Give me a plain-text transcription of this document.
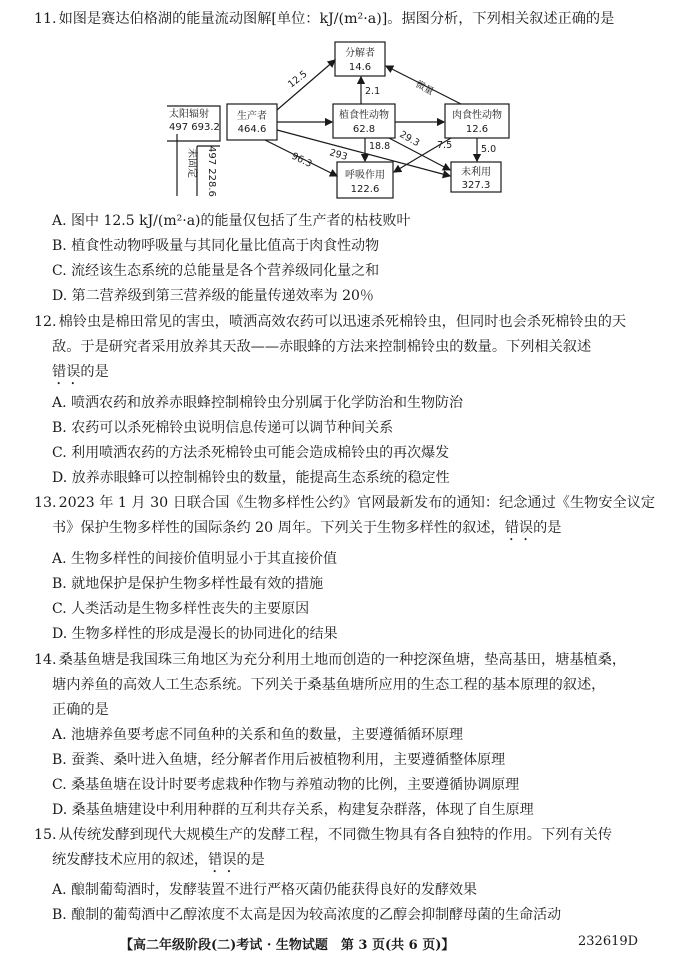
11. 如图是赛达伯格湖的能量流动图解[单位：kJ/(m²·a)]。据图分析，下列相关叙述正确的是
太阳辐射
497 693.2
未固定 497 228.6
生产者
464.6
分解者
14.6
植食性动物
62.8
肉食性动物
12.6
呼吸作用
122.6
未利用
327.3
12.5
2.1	微量
18.8 29.3
293
96.3
7.5	5.0
A. 图中 12.5 kJ/(m²·a)的能量仅包括了生产者的枯枝败叶
B. 植食性动物呼吸量与其同化量比值高于肉食性动物
C. 流经该生态系统的总能量是各个营养级同化量之和
D. 第二营养级到第三营养级的能量传递效率为 20％
12. 棉铃虫是棉田常见的害虫，喷洒高效农药可以迅速杀死棉铃虫，但同时也会杀死棉铃虫的天
敌。于是研究者采用放养其天敌——赤眼蜂的方法来控制棉铃虫的数量。下列相关叙述
错误的是
A. 喷洒农药和放养赤眼蜂控制棉铃虫分别属于化学防治和生物防治
B. 农药可以杀死棉铃虫说明信息传递可以调节种间关系
C. 利用喷洒农药的方法杀死棉铃虫可能会造成棉铃虫的再次爆发
D. 放养赤眼蜂可以控制棉铃虫的数量，能提高生态系统的稳定性
13. 2023 年 1 月 30 日联合国《生物多样性公约》官网最新发布的通知：纪念通过《生物安全议定
书》保护生物多样性的国际条约 20 周年。下列关于生物多样性的叙述，错误的是
A. 生物多样性的间接价值明显小于其直接价值
B. 就地保护是保护生物多样性最有效的措施
C. 人类活动是生物多样性丧失的主要原因
D. 生物多样性的形成是漫长的协同进化的结果
14. 桑基鱼塘是我国珠三角地区为充分利用土地而创造的一种挖深鱼塘，垫高基田，塘基植桑，
塘内养鱼的高效人工生态系统。下列关于桑基鱼塘所应用的生态工程的基本原理的叙述，
正确的是
A. 池塘养鱼要考虑不同鱼种的关系和鱼的数量，主要遵循循环原理
B. 蚕粪、桑叶进入鱼塘，经分解者作用后被植物利用，主要遵循整体原理
C. 桑基鱼塘在设计时要考虑栽种作物与养殖动物的比例，主要遵循协调原理
D. 桑基鱼塘建设中利用种群的互利共存关系，构建复杂群落，体现了自生原理
15. 从传统发酵到现代大规模生产的发酵工程，不同微生物具有各自独特的作用。下列有关传
统发酵技术应用的叙述，错误的是
A. 酿制葡萄酒时，发酵装置不进行严格灭菌仍能获得良好的发酵效果
B. 酿制的葡萄酒中乙醇浓度不太高是因为较高浓度的乙醇会抑制酵母菌的生命活动
【高二年级阶段(二)考试 · 生物试题　第 3 页(共 6 页)】	232619D
